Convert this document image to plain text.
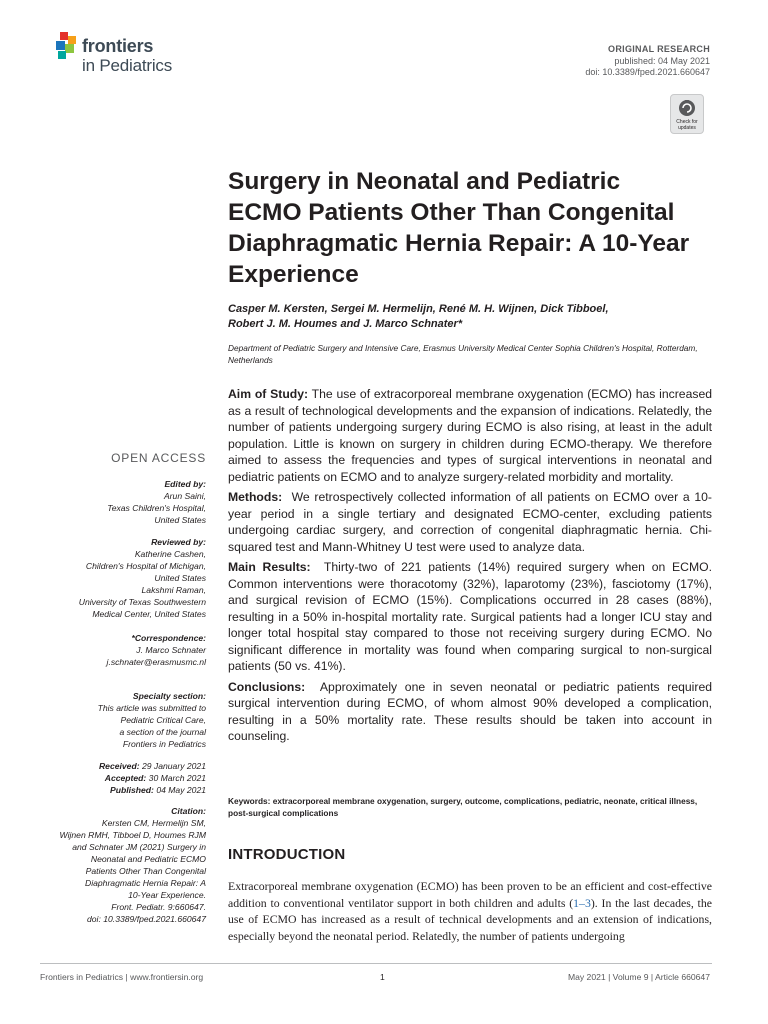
frontiers
in Pediatrics
ORIGINAL RESEARCH
published: 04 May 2021
doi: 10.3389/fped.2021.660647
Check for
updates
Surgery in Neonatal and Pediatric ECMO Patients Other Than Congenital Diaphragmatic Hernia Repair: A 10-Year Experience
Casper M. Kersten, Sergei M. Hermelijn, René M. H. Wijnen, Dick Tibboel,
Robert J. M. Houmes and J. Marco Schnater*
Department of Pediatric Surgery and Intensive Care, Erasmus University Medical Center Sophia Children's Hospital, Rotterdam, Netherlands

Aim of Study: The use of extracorporeal membrane oxygenation (ECMO) has increased as a result of technological developments and the expansion of indications. Relatedly, the number of patients undergoing surgery during ECMO is also rising, at least in the adult population. Little is known on surgery in children during ECMO-therapy. We therefore aimed to assess the frequencies and types of surgical interventions in neonatal and pediatric patients on ECMO and to analyze surgery-related morbidity and mortality.

Methods: We retrospectively collected information of all patients on ECMO over a 10-year period in a single tertiary and designated ECMO-center, excluding patients undergoing cardiac surgery, and correction of congenital diaphragmatic hernia. Chi-squared test and Mann-Whitney U test were used to analyze data.

Main Results: Thirty-two of 221 patients (14%) required surgery when on ECMO. Common interventions were thoracotomy (32%), laparotomy (23%), fasciotomy (17%), and surgical revision of ECMO (15%). Complications occurred in 28 cases (88%), resulting in a 50% in-hospital mortality rate. Surgical patients had a longer ICU stay and longer total hospital stay compared to those not receiving surgery during ECMO. No significant difference in mortality was found when comparing surgical to non-surgical patients (50 vs. 41%).

Conclusions: Approximately one in seven neonatal or pediatric patients required surgical intervention during ECMO, of whom almost 90% developed a complication, resulting in a 50% mortality rate. These results should be taken into account in counseling.

Keywords: extracorporeal membrane oxygenation, surgery, outcome, complications, pediatric, neonate, critical illness, post-surgical complications
INTRODUCTION
Extracorporeal membrane oxygenation (ECMO) has been proven to be an efficient and cost-effective addition to conventional ventilator support in both children and adults (1–3). In the last decades, the use of ECMO has increased as a result of technical developments and an extension of indications, especially beyond the neonatal period. Relatedly, the number of patients undergoing
OPEN ACCESS
Edited by:
Arun Saini,
Texas Children's Hospital,
United States
Reviewed by:
Katherine Cashen,
Children's Hospital of Michigan,
United States
Lakshmi Raman,
University of Texas Southwestern
Medical Center, United States
*Correspondence:
J. Marco Schnater
j.schnater@erasmusmc.nl
Specialty section:
This article was submitted to
Pediatric Critical Care,
a section of the journal
Frontiers in Pediatrics
Received: 29 January 2021
Accepted: 30 March 2021
Published: 04 May 2021
Citation:
Kersten CM, Hermelijn SM,
Wijnen RMH, Tibboel D, Houmes RJM
and Schnater JM (2021) Surgery in
Neonatal and Pediatric ECMO
Patients Other Than Congenital
Diaphragmatic Hernia Repair: A
10-Year Experience.
Front. Pediatr. 9:660647.
doi: 10.3389/fped.2021.660647
Frontiers in Pediatrics | www.frontiersin.org	1	May 2021 | Volume 9 | Article 660647
